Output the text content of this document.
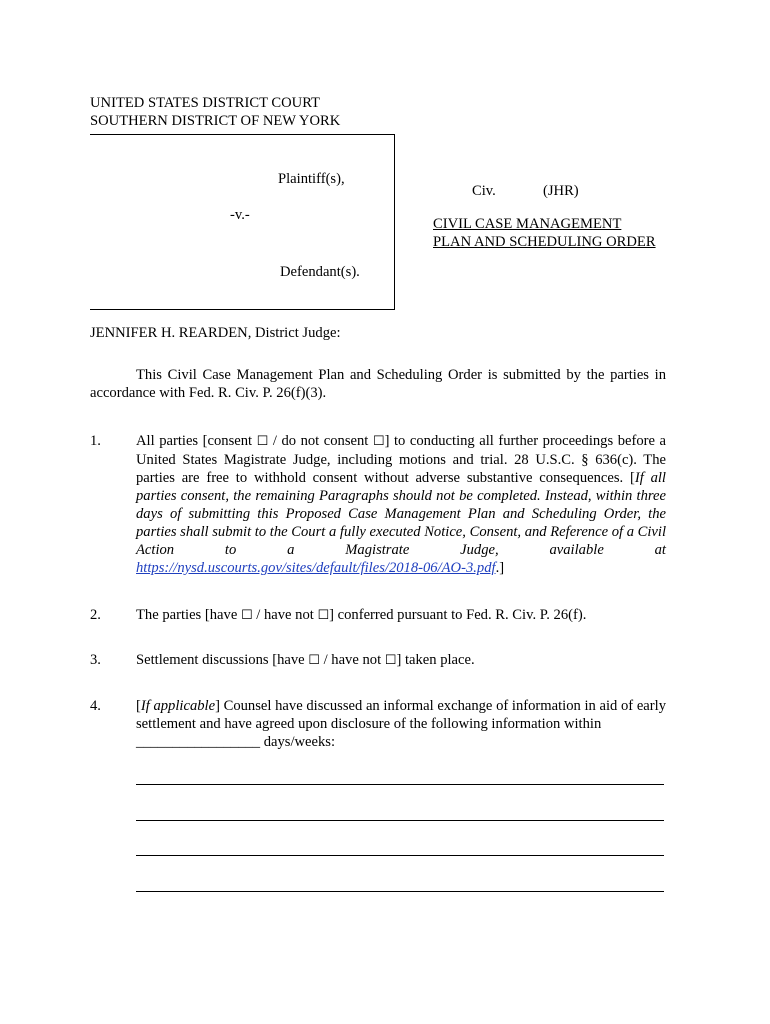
UNITED STATES DISTRICT COURT
SOUTHERN DISTRICT OF NEW YORK
Plaintiff(s),
-v.-
Defendant(s).
Civ.	(JHR)
CIVIL CASE MANAGEMENT
PLAN AND SCHEDULING ORDER
JENNIFER H. REARDEN, District Judge:
This Civil Case Management Plan and Scheduling Order is submitted by the parties in accordance with Fed. R. Civ. P. 26(f)(3).
1. All parties [consent ☐ / do not consent ☐] to conducting all further proceedings before a United States Magistrate Judge, including motions and trial. 28 U.S.C. § 636(c). The parties are free to withhold consent without adverse substantive consequences. [If all parties consent, the remaining Paragraphs should not be completed. Instead, within three days of submitting this Proposed Case Management Plan and Scheduling Order, the parties shall submit to the Court a fully executed Notice, Consent, and Reference of a Civil Action to a Magistrate Judge, available at https://nysd.uscourts.gov/sites/default/files/2018-06/AO-3.pdf.]
2. The parties [have ☐ / have not ☐] conferred pursuant to Fed. R. Civ. P. 26(f).
3. Settlement discussions [have ☐ / have not ☐] taken place.
4. [If applicable] Counsel have discussed an informal exchange of information in aid of early settlement and have agreed upon disclosure of the following information within
_________________ days/weeks:
